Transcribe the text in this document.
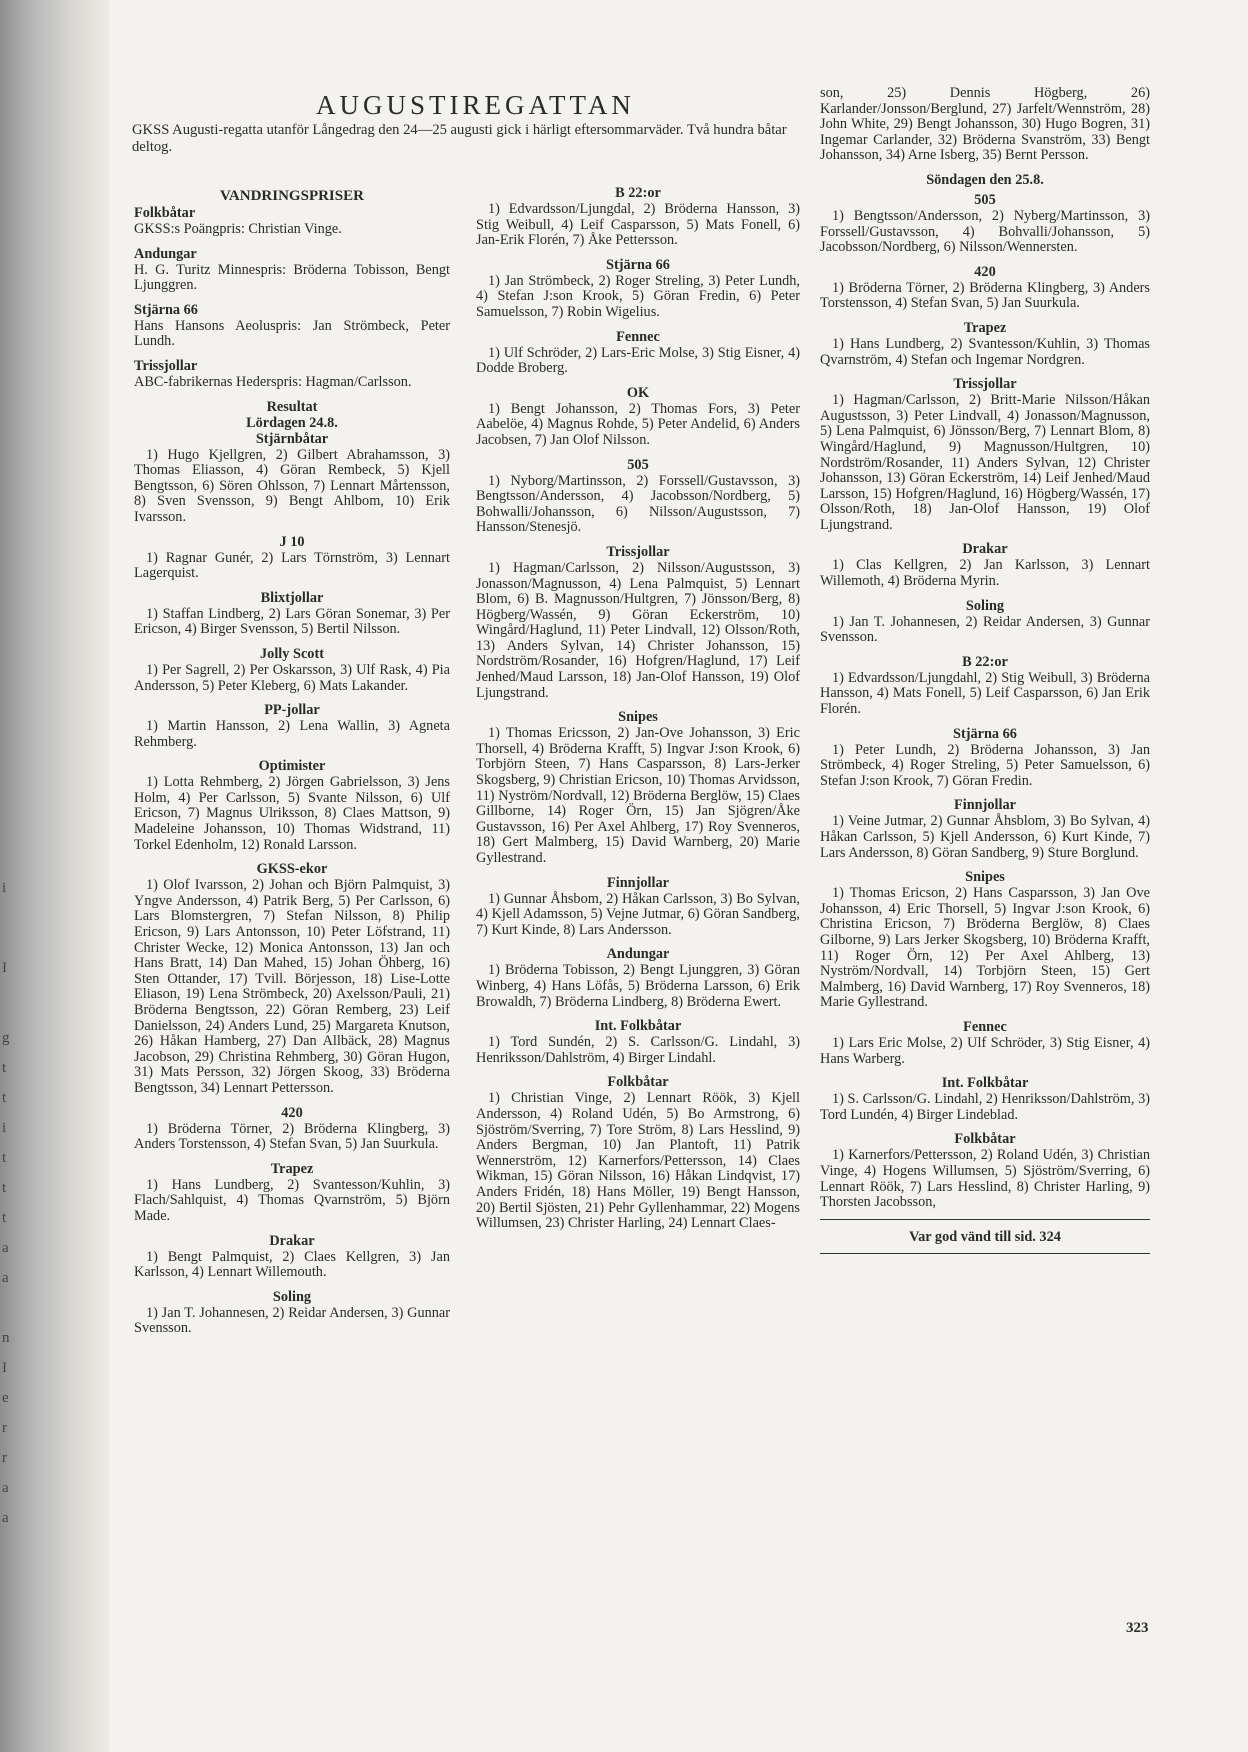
i
I
g
t
t
i
t
t
t
a
a
n
I
e
r
r
a
a
AUGUSTIREGATTAN

GKSS Augusti-regatta utanför Långedrag den 24—25 augusti gick i härligt eftersommarväder. Två hundra båtar deltog.

VANDRINGSPRISER
Folkbåtar

GKSS:s Poängpris: Christian Vinge.

Andungar

H. G. Turitz Minnespris: Bröderna Tobisson, Bengt Ljunggren.

Stjärna 66

Hans Hansons Aeoluspris: Jan Strömbeck, Peter Lundh.

Trissjollar

ABC-fabrikernas Hederspris: Hagman/Carlsson.

Resultat
Lördagen 24.8.
Stjärnbåtar

1) Hugo Kjellgren, 2) Gilbert Abrahamsson, 3) Thomas Eliasson, 4) Göran Rembeck, 5) Kjell Bengtsson, 6) Sören Ohlsson, 7) Lennart Mårtensson, 8) Sven Svensson, 9) Bengt Ahlbom, 10) Erik Ivarsson.

J 10

1) Ragnar Gunér, 2) Lars Törnström, 3) Lennart Lagerquist.

Blixtjollar

1) Staffan Lindberg, 2) Lars Göran Sonemar, 3) Per Ericson, 4) Birger Svensson, 5) Bertil Nilsson.

Jolly Scott

1) Per Sagrell, 2) Per Oskarsson, 3) Ulf Rask, 4) Pia Andersson, 5) Peter Kleberg, 6) Mats Lakander.

PP-jollar

1) Martin Hansson, 2) Lena Wallin, 3) Agneta Rehmberg.

Optimister

1) Lotta Rehmberg, 2) Jörgen Gabrielsson, 3) Jens Holm, 4) Per Carlsson, 5) Svante Nilsson, 6) Ulf Ericson, 7) Magnus Ulriksson, 8) Claes Mattson, 9) Madeleine Johansson, 10) Thomas Widstrand, 11) Torkel Edenholm, 12) Ronald Larsson.

GKSS-ekor

1) Olof Ivarsson, 2) Johan och Björn Palmquist, 3) Yngve Andersson, 4) Patrik Berg, 5) Per Carlsson, 6) Lars Blomstergren, 7) Stefan Nilsson, 8) Philip Ericson, 9) Lars Antonsson, 10) Peter Löfstrand, 11) Christer Wecke, 12) Monica Antonsson, 13) Jan och Hans Bratt, 14) Dan Mahed, 15) Johan Öhberg, 16) Sten Ottander, 17) Tvill. Börjesson, 18) Lise-Lotte Eliason, 19) Lena Strömbeck, 20) Axelsson/Pauli, 21) Bröderna Bengtsson, 22) Göran Remberg, 23) Leif Danielsson, 24) Anders Lund, 25) Margareta Knutson, 26) Håkan Hamberg, 27) Dan Allbäck, 28) Magnus Jacobson, 29) Christina Rehmberg, 30) Göran Hugon, 31) Mats Persson, 32) Jörgen Skoog, 33) Bröderna Bengtsson, 34) Lennart Pettersson.

420

1) Bröderna Törner, 2) Bröderna Klingberg, 3) Anders Torstensson, 4) Stefan Svan, 5) Jan Suurkula.

Trapez

1) Hans Lundberg, 2) Svantesson/Kuhlin, 3) Flach/Sahlquist, 4) Thomas Qvarnström, 5) Björn Made.

Drakar

1) Bengt Palmquist, 2) Claes Kellgren, 3) Jan Karlsson, 4) Lennart Willemouth.

Soling

1) Jan T. Johannesen, 2) Reidar Andersen, 3) Gunnar Svensson.

B 22:or

1) Edvardsson/Ljungdal, 2) Bröderna Hansson, 3) Stig Weibull, 4) Leif Casparsson, 5) Mats Fonell, 6) Jan-Erik Florén, 7) Åke Pettersson.

Stjärna 66

1) Jan Strömbeck, 2) Roger Streling, 3) Peter Lundh, 4) Stefan J:son Krook, 5) Göran Fredin, 6) Peter Samuelsson, 7) Robin Wigelius.

Fennec

1) Ulf Schröder, 2) Lars-Eric Molse, 3) Stig Eisner, 4) Dodde Broberg.

OK

1) Bengt Johansson, 2) Thomas Fors, 3) Peter Aabelöe, 4) Magnus Rohde, 5) Peter Andelid, 6) Anders Jacobsen, 7) Jan Olof Nilsson.

505

1) Nyborg/Martinsson, 2) Forssell/Gustavsson, 3) Bengtsson/Andersson, 4) Jacobsson/Nordberg, 5) Bohwalli/Johansson, 6) Nilsson/Augustsson, 7) Hansson/Stenesjö.

Trissjollar

1) Hagman/Carlsson, 2) Nilsson/Augustsson, 3) Jonasson/Magnusson, 4) Lena Palmquist, 5) Lennart Blom, 6) B. Magnusson/Hultgren, 7) Jönsson/Berg, 8) Högberg/Wassén, 9) Göran Eckerström, 10) Wingård/Haglund, 11) Peter Lindvall, 12) Olsson/Roth, 13) Anders Sylvan, 14) Christer Johansson, 15) Nordström/Rosander, 16) Hofgren/Haglund, 17) Leif Jenhed/Maud Larsson, 18) Jan-Olof Hansson, 19) Olof Ljungstrand.

Snipes

1) Thomas Ericsson, 2) Jan-Ove Johansson, 3) Eric Thorsell, 4) Bröderna Krafft, 5) Ingvar J:son Krook, 6) Torbjörn Steen, 7) Hans Casparsson, 8) Lars-Jerker Skogsberg, 9) Christian Ericson, 10) Thomas Arvidsson, 11) Nyström/Nordvall, 12) Bröderna Berglöw, 15) Claes Gillborne, 14) Roger Örn, 15) Jan Sjögren/Åke Gustavsson, 16) Per Axel Ahlberg, 17) Roy Svenneros, 18) Gert Malmberg, 15) David Warnberg, 20) Marie Gyllestrand.

Finnjollar

1) Gunnar Åhsbom, 2) Håkan Carlsson, 3) Bo Sylvan, 4) Kjell Adamsson, 5) Vejne Jutmar, 6) Göran Sandberg, 7) Kurt Kinde, 8) Lars Andersson.

Andungar

1) Bröderna Tobisson, 2) Bengt Ljunggren, 3) Göran Winberg, 4) Hans Löfås, 5) Bröderna Larsson, 6) Erik Browaldh, 7) Bröderna Lindberg, 8) Bröderna Ewert.

Int. Folkbåtar

1) Tord Sundén, 2) S. Carlsson/G. Lindahl, 3) Henriksson/Dahlström, 4) Birger Lindahl.

Folkbåtar

1) Christian Vinge, 2) Lennart Röök, 3) Kjell Andersson, 4) Roland Udén, 5) Bo Armstrong, 6) Sjöström/Sverring, 7) Tore Ström, 8) Lars Hesslind, 9) Anders Bergman, 10) Jan Plantoft, 11) Patrik Wennerström, 12) Karnerfors/Pettersson, 14) Claes Wikman, 15) Göran Nilsson, 16) Håkan Lindqvist, 17) Anders Fridén, 18) Hans Möller, 19) Bengt Hansson, 20) Bertil Sjösten, 21) Pehr Gyllenhammar, 22) Mogens Willumsen, 23) Christer Harling, 24) Lennart Claes-

son, 25) Dennis Högberg, 26) Karlander/Jonsson/Berglund, 27) Jarfelt/Wennström, 28) John White, 29) Bengt Johansson, 30) Hugo Bogren, 31) Ingemar Carlander, 32) Bröderna Svanström, 33) Bengt Johansson, 34) Arne Isberg, 35) Bernt Persson.

Söndagen den 25.8.
505

1) Bengtsson/Andersson, 2) Nyberg/Martinsson, 3) Forssell/Gustavsson, 4) Bohvalli/Johansson, 5) Jacobsson/Nordberg, 6) Nilsson/Wennersten.

420

1) Bröderna Törner, 2) Bröderna Klingberg, 3) Anders Torstensson, 4) Stefan Svan, 5) Jan Suurkula.

Trapez

1) Hans Lundberg, 2) Svantesson/Kuhlin, 3) Thomas Qvarnström, 4) Stefan och Ingemar Nordgren.

Trissjollar

1) Hagman/Carlsson, 2) Britt-Marie Nilsson/Håkan Augustsson, 3) Peter Lindvall, 4) Jonasson/Magnusson, 5) Lena Palmquist, 6) Jönsson/Berg, 7) Lennart Blom, 8) Wingård/Haglund, 9) Magnusson/Hultgren, 10) Nordström/Rosander, 11) Anders Sylvan, 12) Christer Johansson, 13) Göran Eckerström, 14) Leif Jenhed/Maud Larsson, 15) Hofgren/Haglund, 16) Högberg/Wassén, 17) Olsson/Roth, 18) Jan-Olof Hansson, 19) Olof Ljungstrand.

Drakar

1) Clas Kellgren, 2) Jan Karlsson, 3) Lennart Willemoth, 4) Bröderna Myrin.

Soling

1) Jan T. Johannesen, 2) Reidar Andersen, 3) Gunnar Svensson.

B 22:or

1) Edvardsson/Ljungdahl, 2) Stig Weibull, 3) Bröderna Hansson, 4) Mats Fonell, 5) Leif Casparsson, 6) Jan Erik Florén.

Stjärna 66

1) Peter Lundh, 2) Bröderna Johansson, 3) Jan Strömbeck, 4) Roger Streling, 5) Peter Samuelsson, 6) Stefan J:son Krook, 7) Göran Fredin.

Finnjollar

1) Veine Jutmar, 2) Gunnar Åhsblom, 3) Bo Sylvan, 4) Håkan Carlsson, 5) Kjell Andersson, 6) Kurt Kinde, 7) Lars Andersson, 8) Göran Sandberg, 9) Sture Borglund.

Snipes

1) Thomas Ericson, 2) Hans Casparsson, 3) Jan Ove Johansson, 4) Eric Thorsell, 5) Ingvar J:son Krook, 6) Christina Ericson, 7) Bröderna Berglöw, 8) Claes Gilborne, 9) Lars Jerker Skogsberg, 10) Bröderna Krafft, 11) Roger Örn, 12) Per Axel Ahlberg, 13) Nyström/Nordvall, 14) Torbjörn Steen, 15) Gert Malmberg, 16) David Warnberg, 17) Roy Svenneros, 18) Marie Gyllestrand.

Fennec

1) Lars Eric Molse, 2) Ulf Schröder, 3) Stig Eisner, 4) Hans Warberg.

Int. Folkbåtar

1) S. Carlsson/G. Lindahl, 2) Henriksson/Dahlström, 3) Tord Lundén, 4) Birger Lindeblad.

Folkbåtar

1) Karnerfors/Pettersson, 2) Roland Udén, 3) Christian Vinge, 4) Hogens Willumsen, 5) Sjöström/Sverring, 6) Lennart Röök, 7) Lars Hesslind, 8) Christer Harling, 9) Thorsten Jacobsson,

Var god vänd till sid. 324
323
